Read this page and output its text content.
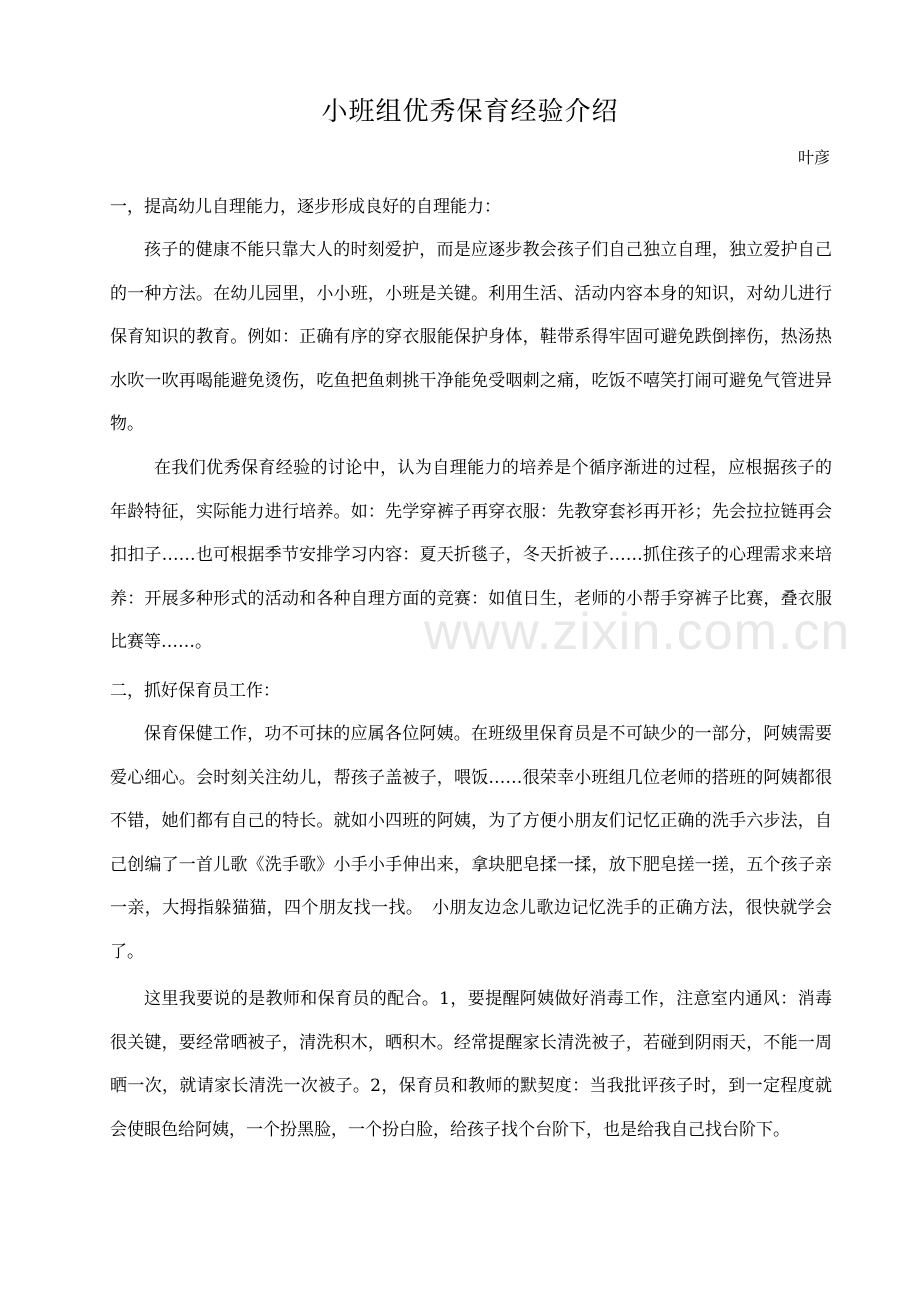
小班组优秀保育经验介绍
叶彦
一，提高幼儿自理能力，逐步形成良好的自理能力：
孩子的健康不能只靠大人的时刻爱护，而是应逐步教会孩子们自己独立自理，独立爱护自己的一种方法。在幼儿园里，小小班，小班是关键。利用生活、活动内容本身的知识，对幼儿进行保育知识的教育。例如：正确有序的穿衣服能保护身体，鞋带系得牢固可避免跌倒摔伤，热汤热水吹一吹再喝能避免烫伤，吃鱼把鱼刺挑干净能免受咽刺之痛，吃饭不嘻笑打闹可避免气管进异物。
在我们优秀保育经验的讨论中，认为自理能力的培养是个循序渐进的过程，应根据孩子的年龄特征，实际能力进行培养。如：先学穿裤子再穿衣服：先教穿套衫再开衫；先会拉拉链再会扣扣子……也可根据季节安排学习内容：夏天折毯子，冬天折被子……抓住孩子的心理需求来培养：开展多种形式的活动和各种自理方面的竞赛：如值日生，老师的小帮手穿裤子比赛，叠衣服比赛等……。
二，抓好保育员工作：
保育保健工作，功不可抹的应属各位阿姨。在班级里保育员是不可缺少的一部分，阿姨需要爱心细心。会时刻关注幼儿，帮孩子盖被子，喂饭……很荣幸小班组几位老师的搭班的阿姨都很不错，她们都有自己的特长。就如小四班的阿姨，为了方便小朋友们记忆正确的洗手六步法，自己创编了一首儿歌《洗手歌》小手小手伸出来，拿块肥皂揉一揉，放下肥皂搓一搓，五个孩子亲一亲，大拇指躲猫猫，四个朋友找一找。　小朋友边念儿歌边记忆洗手的正确方法，很快就学会了。
这里我要说的是教师和保育员的配合。1，要提醒阿姨做好消毒工作，注意室内通风：消毒很关键，要经常晒被子，清洗积木，晒积木。经常提醒家长清洗被子，若碰到阴雨天，不能一周晒一次，就请家长清洗一次被子。2，保育员和教师的默契度：当我批评孩子时，到一定程度就会使眼色给阿姨，一个扮黑脸，一个扮白脸，给孩子找个台阶下，也是给我自己找台阶下。
www.zixin.com.cn
